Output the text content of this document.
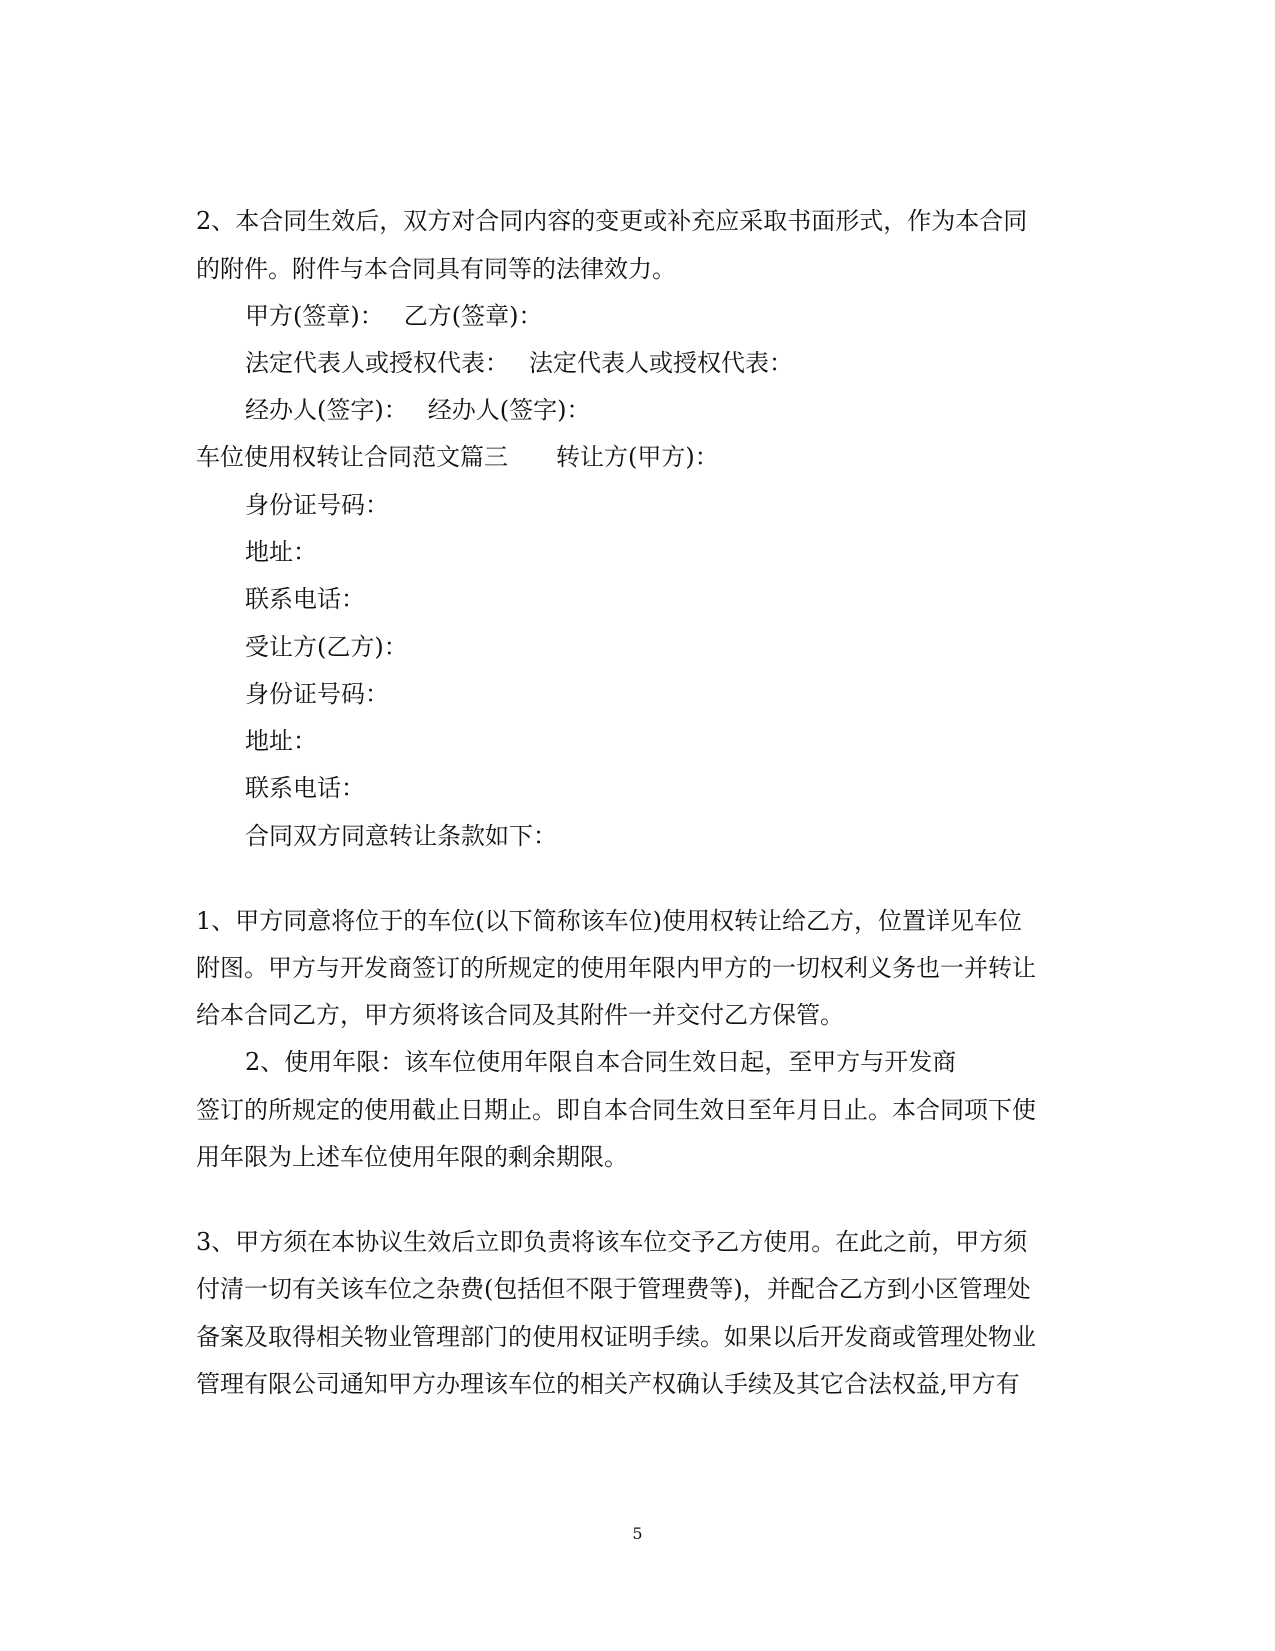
2、本合同生效后，双方对合同内容的变更或补充应采取书面形式，作为本合同
的附件。附件与本合同具有同等的法律效力。
甲方(签章)： 乙方(签章)：
法定代表人或授权代表： 法定代表人或授权代表：
经办人(签字)： 经办人(签字)：
车位使用权转让合同范文篇三 转让方(甲方)：
身份证号码：
地址：
联系电话：
受让方(乙方)：
身份证号码：
地址：
联系电话：
合同双方同意转让条款如下：
1、甲方同意将位于的车位(以下简称该车位)使用权转让给乙方，位置详见车位
附图。甲方与开发商签订的所规定的使用年限内甲方的一切权利义务也一并转让
给本合同乙方，甲方须将该合同及其附件一并交付乙方保管。
2、使用年限：该车位使用年限自本合同生效日起，至甲方与开发商
签订的所规定的使用截止日期止。即自本合同生效日至年月日止。本合同项下使
用年限为上述车位使用年限的剩余期限。
3、甲方须在本协议生效后立即负责将该车位交予乙方使用。在此之前，甲方须
付清一切有关该车位之杂费(包括但不限于管理费等)，并配合乙方到小区管理处
备案及取得相关物业管理部门的使用权证明手续。如果以后开发商或管理处物业
管理有限公司通知甲方办理该车位的相关产权确认手续及其它合法权益,甲方有
5
